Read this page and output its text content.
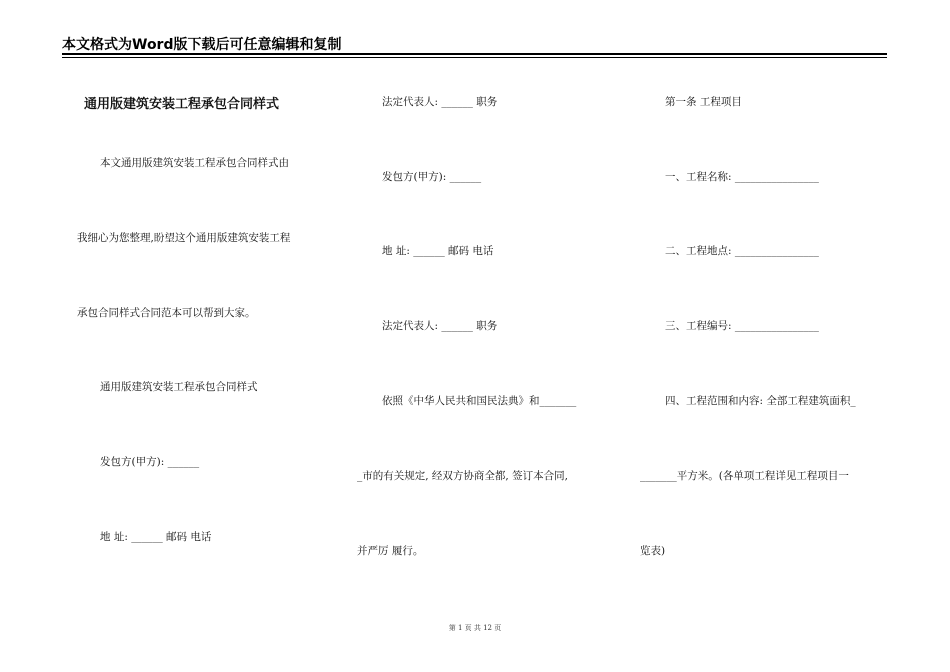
本文格式为Word版下载后可任意编辑和复制
通用版建筑安装工程承包合同样式
本文通用版建筑安装工程承包合同样式由
我细心为您整理,盼望这个通用版建筑安装工程
承包合同样式合同范本可以帮到大家。
通用版建筑安装工程承包合同样式
发包方(甲方): ______
地 址: ______ 邮码 电话
法定代表人: ______ 职务
发包方(甲方): ______
地 址: ______ 邮码 电话
法定代表人: ______ 职务
依照《中华人民共和国民法典》和_______
_市的有关规定, 经双方协商全都, 签订本合同,
并严厉 履行。
第一条 工程项目
一、工程名称: ________________
二、工程地点: ________________
三、工程编号: ________________
四、工程范围和内容: 全部工程建筑面积_
_______平方米。(各单项工程详见工程项目一
览表)
第 1 页 共 12 页
